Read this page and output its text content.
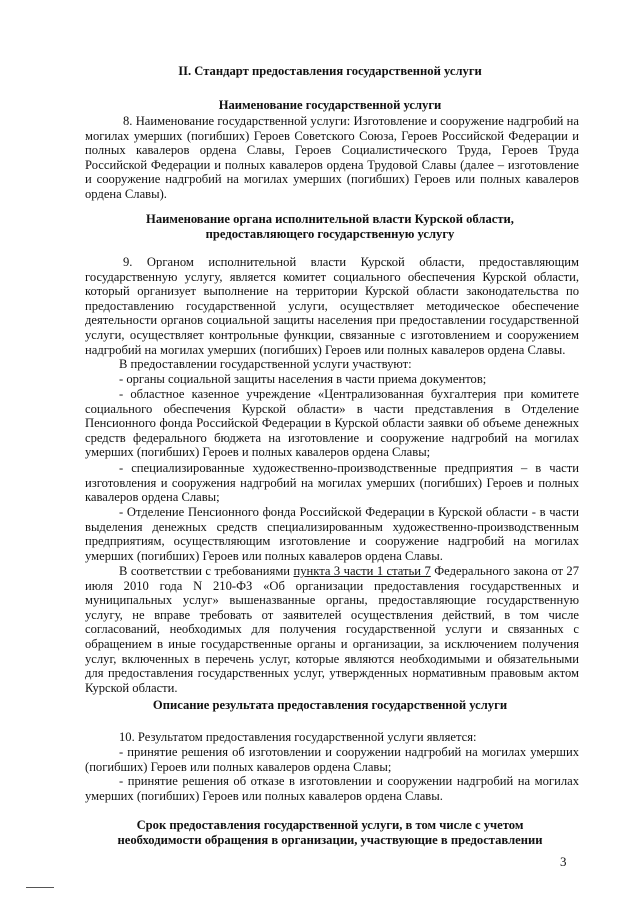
II. Стандарт предоставления государственной услуги
Наименование государственной услуги

8. Наименование государственной услуги: Изготовление и сооружение надгробий на могилах умерших (погибших) Героев Советского Союза, Героев Российской Федерации и полных кавалеров ордена Славы, Героев Социалистического Труда, Героев Труда Российской Федерации и полных кавалеров ордена Трудовой Славы (далее – изготовление и сооружение надгробий на могилах умерших (погибших) Героев или полных кавалеров ордена Славы).

Наименование органа исполнительной власти Курской области,
предоставляющего государственную услугу

9. Органом исполнительной власти Курской области, предоставляющим государственную услугу, является комитет социального обеспечения Курской области, который организует выполнение на территории Курской области законодательства по предоставлению государственной услуги, осуществляет методическое обеспечение деятельности органов социальной защиты населения при предоставлении государственной услуги, осуществляет контрольные функции, связанные с изготовлением и сооружением надгробий на могилах умерших (погибших) Героев или полных кавалеров ордена Славы.

В предоставлении государственной услуги участвуют:

- органы социальной защиты населения в части приема документов;

- областное казенное учреждение «Централизованная бухгалтерия при комитете социального обеспечения Курской области» в части представления в Отделение Пенсионного фонда Российской Федерации в Курской области заявки об объеме денежных средств федерального бюджета на изготовление и сооружение надгробий на могилах умерших (погибших) Героев и полных кавалеров ордена Славы;

- специализированные художественно-производственные предприятия – в части изготовления и сооружения надгробий на могилах умерших (погибших) Героев и полных кавалеров ордена Славы;

- Отделение Пенсионного фонда Российской Федерации в Курской области - в части выделения денежных средств специализированным художественно-производственным предприятиям, осуществляющим изготовление и сооружение надгробий на могилах умерших (погибших) Героев или полных кавалеров ордена Славы.

В соответствии с требованиями пункта 3 части 1 статьи 7 Федерального закона от 27 июля 2010 года N 210-ФЗ «Об организации предоставления государственных и муниципальных услуг» вышеназванные органы, предоставляющие государственную услугу, не вправе требовать от заявителей осуществления действий, в том числе согласований, необходимых для получения государственной услуги и связанных с обращением в иные государственные органы и организации, за исключением получения услуг, включенных в перечень услуг, которые являются необходимыми и обязательными для предоставления государственных услуг, утвержденных нормативным правовым актом Курской области.

Описание результата предоставления государственной услуги

10. Результатом предоставления государственной услуги является:

- принятие решения об изготовлении и сооружении надгробий на могилах умерших (погибших) Героев или полных кавалеров ордена Славы;

- принятие решения об отказе в изготовлении и сооружении надгробий на могилах умерших (погибших) Героев или полных кавалеров ордена Славы.

Срок предоставления государственной услуги, в том числе с учетом
необходимости обращения в организации, участвующие в предоставлении
3
